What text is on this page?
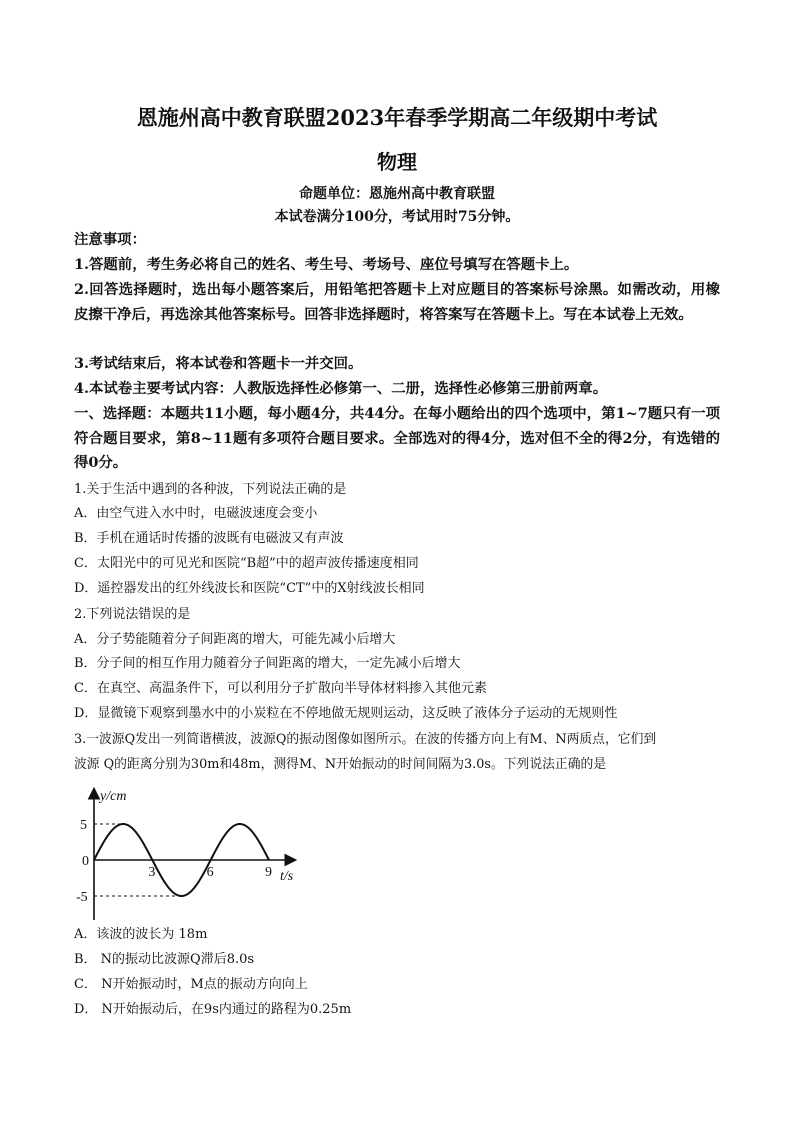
恩施州高中教育联盟2023年春季学期高二年级期中考试
物理
命题单位：恩施州高中教育联盟
本试卷满分100分，考试用时75分钟。
注意事项：
1.答题前，考生务必将自己的姓名、考生号、考场号、座位号填写在答题卡上。
2.回答选择题时，选出每小题答案后，用铅笔把答题卡上对应题目的答案标号涂黑。如需改动，用橡皮擦干净后，再选涂其他答案标号。回答非选择题时，将答案写在答题卡上。写在本试卷上无效。
3.考试结束后，将本试卷和答题卡一并交回。
4.本试卷主要考试内容：人教版选择性必修第一、二册，选择性必修第三册前两章。
一、选择题：本题共11小题，每小题4分，共44分。在每小题给出的四个选项中，第1~7题只有一项符合题目要求，第8~11题有多项符合题目要求。全部选对的得4分，选对但不全的得2分，有选错的得0分。
1.关于生活中遇到的各种波，下列说法正确的是
A．由空气进入水中时，电磁波速度会变小
B．手机在通话时传播的波既有电磁波又有声波
C．太阳光中的可见光和医院“B超”中的超声波传播速度相同
D．遥控器发出的红外线波长和医院“CT”中的X射线波长相同
2.下列说法错误的是
A．分子势能随着分子间距离的增大，可能先减小后增大
B．分子间的相互作用力随着分子间距离的增大，一定先减小后增大
C．在真空、高温条件下，可以利用分子扩散向半导体材料掺入其他元素
D．显微镜下观察到墨水中的小炭粒在不停地做无规则运动，这反映了液体分子运动的无规则性
3.一波源Q发出一列简谐横波，波源Q的振动图像如图所示。在波的传播方向上有M、N两质点，它们到
波源 Q的距离分别为30m和48m，测得M、N开始振动的时间间隔为3.0s。下列说法正确的是
5
0
-5
3	6	9
y/cm
t/s
A．该波的波长为 18m
B． N的振动比波源Q滞后8.0s
C． N开始振动时，M点的振动方向向上
D． N开始振动后，在9s内通过的路程为0.25m
